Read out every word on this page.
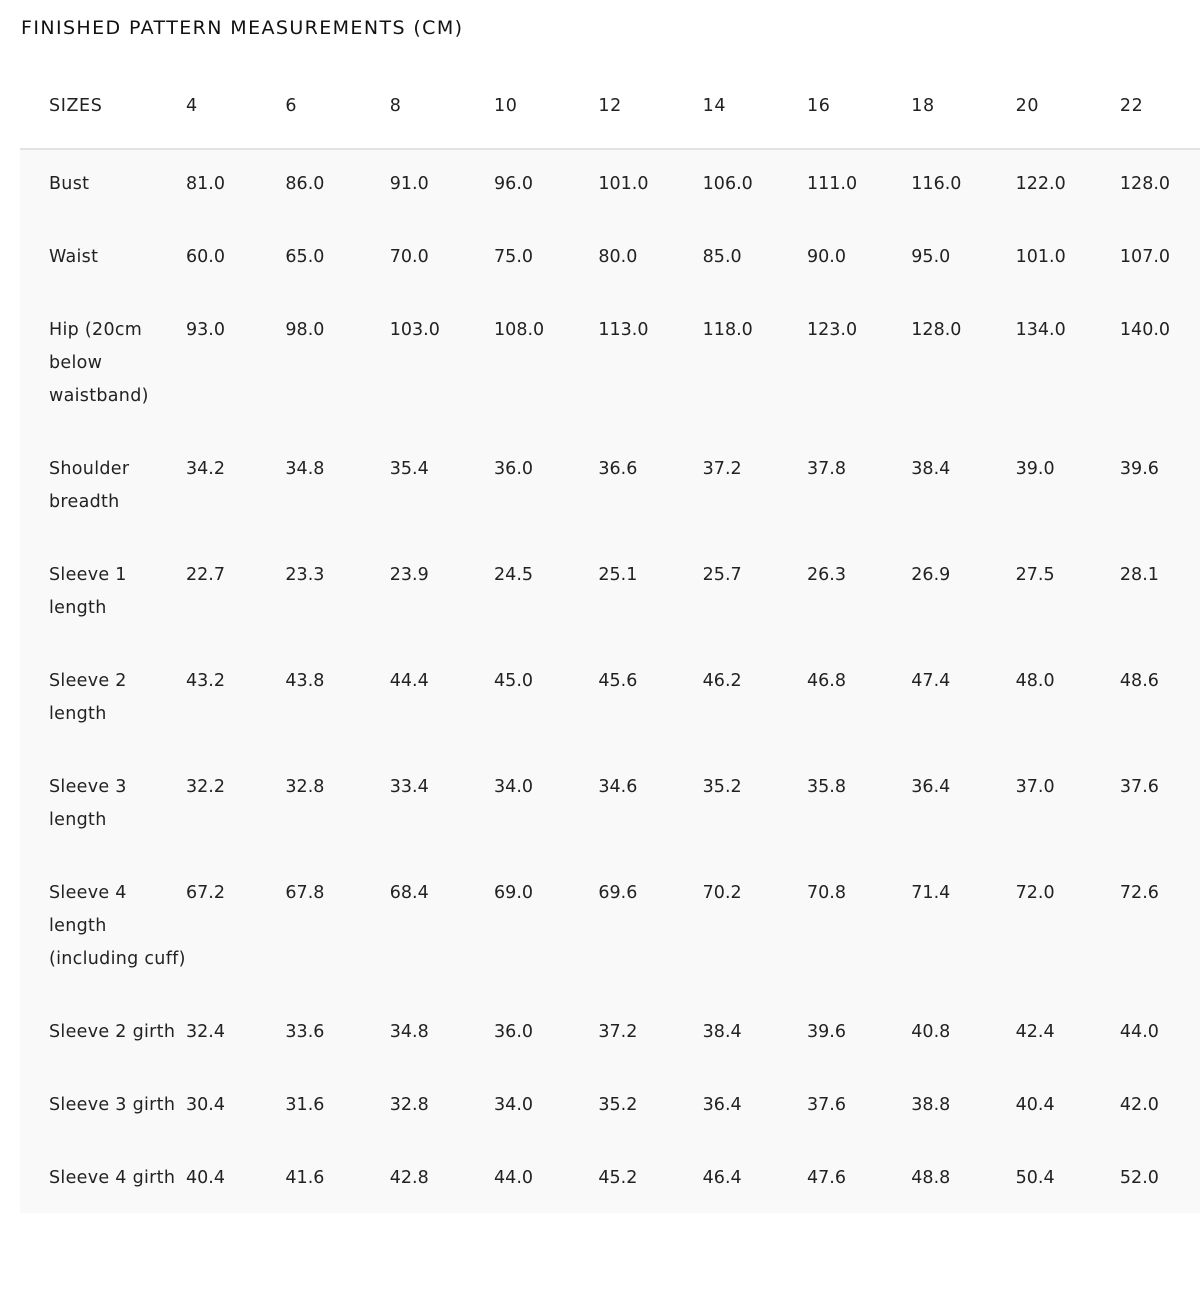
FINISHED PATTERN MEASUREMENTS (CM)
SIZES	4	6	8	10	12	14	16	18	20	22
Bust	81.0	86.0	91.0	96.0	101.0	106.0	111.0	116.0	122.0	128.0
Waist	60.0	65.0	70.0	75.0	80.0	85.0	90.0	95.0	101.0	107.0
Hip (20cm below waistband)	93.0	98.0	103.0	108.0	113.0	118.0	123.0	128.0	134.0	140.0
Shoulder breadth	34.2	34.8	35.4	36.0	36.6	37.2	37.8	38.4	39.0	39.6
Sleeve 1 length	22.7	23.3	23.9	24.5	25.1	25.7	26.3	26.9	27.5	28.1
Sleeve 2 length	43.2	43.8	44.4	45.0	45.6	46.2	46.8	47.4	48.0	48.6
Sleeve 3 length	32.2	32.8	33.4	34.0	34.6	35.2	35.8	36.4	37.0	37.6
Sleeve 4 length (including cuff)	67.2	67.8	68.4	69.0	69.6	70.2	70.8	71.4	72.0	72.6
Sleeve 2 girth	32.4	33.6	34.8	36.0	37.2	38.4	39.6	40.8	42.4	44.0
Sleeve 3 girth	30.4	31.6	32.8	34.0	35.2	36.4	37.6	38.8	40.4	42.0
Sleeve 4 girth	40.4	41.6	42.8	44.0	45.2	46.4	47.6	48.8	50.4	52.0
